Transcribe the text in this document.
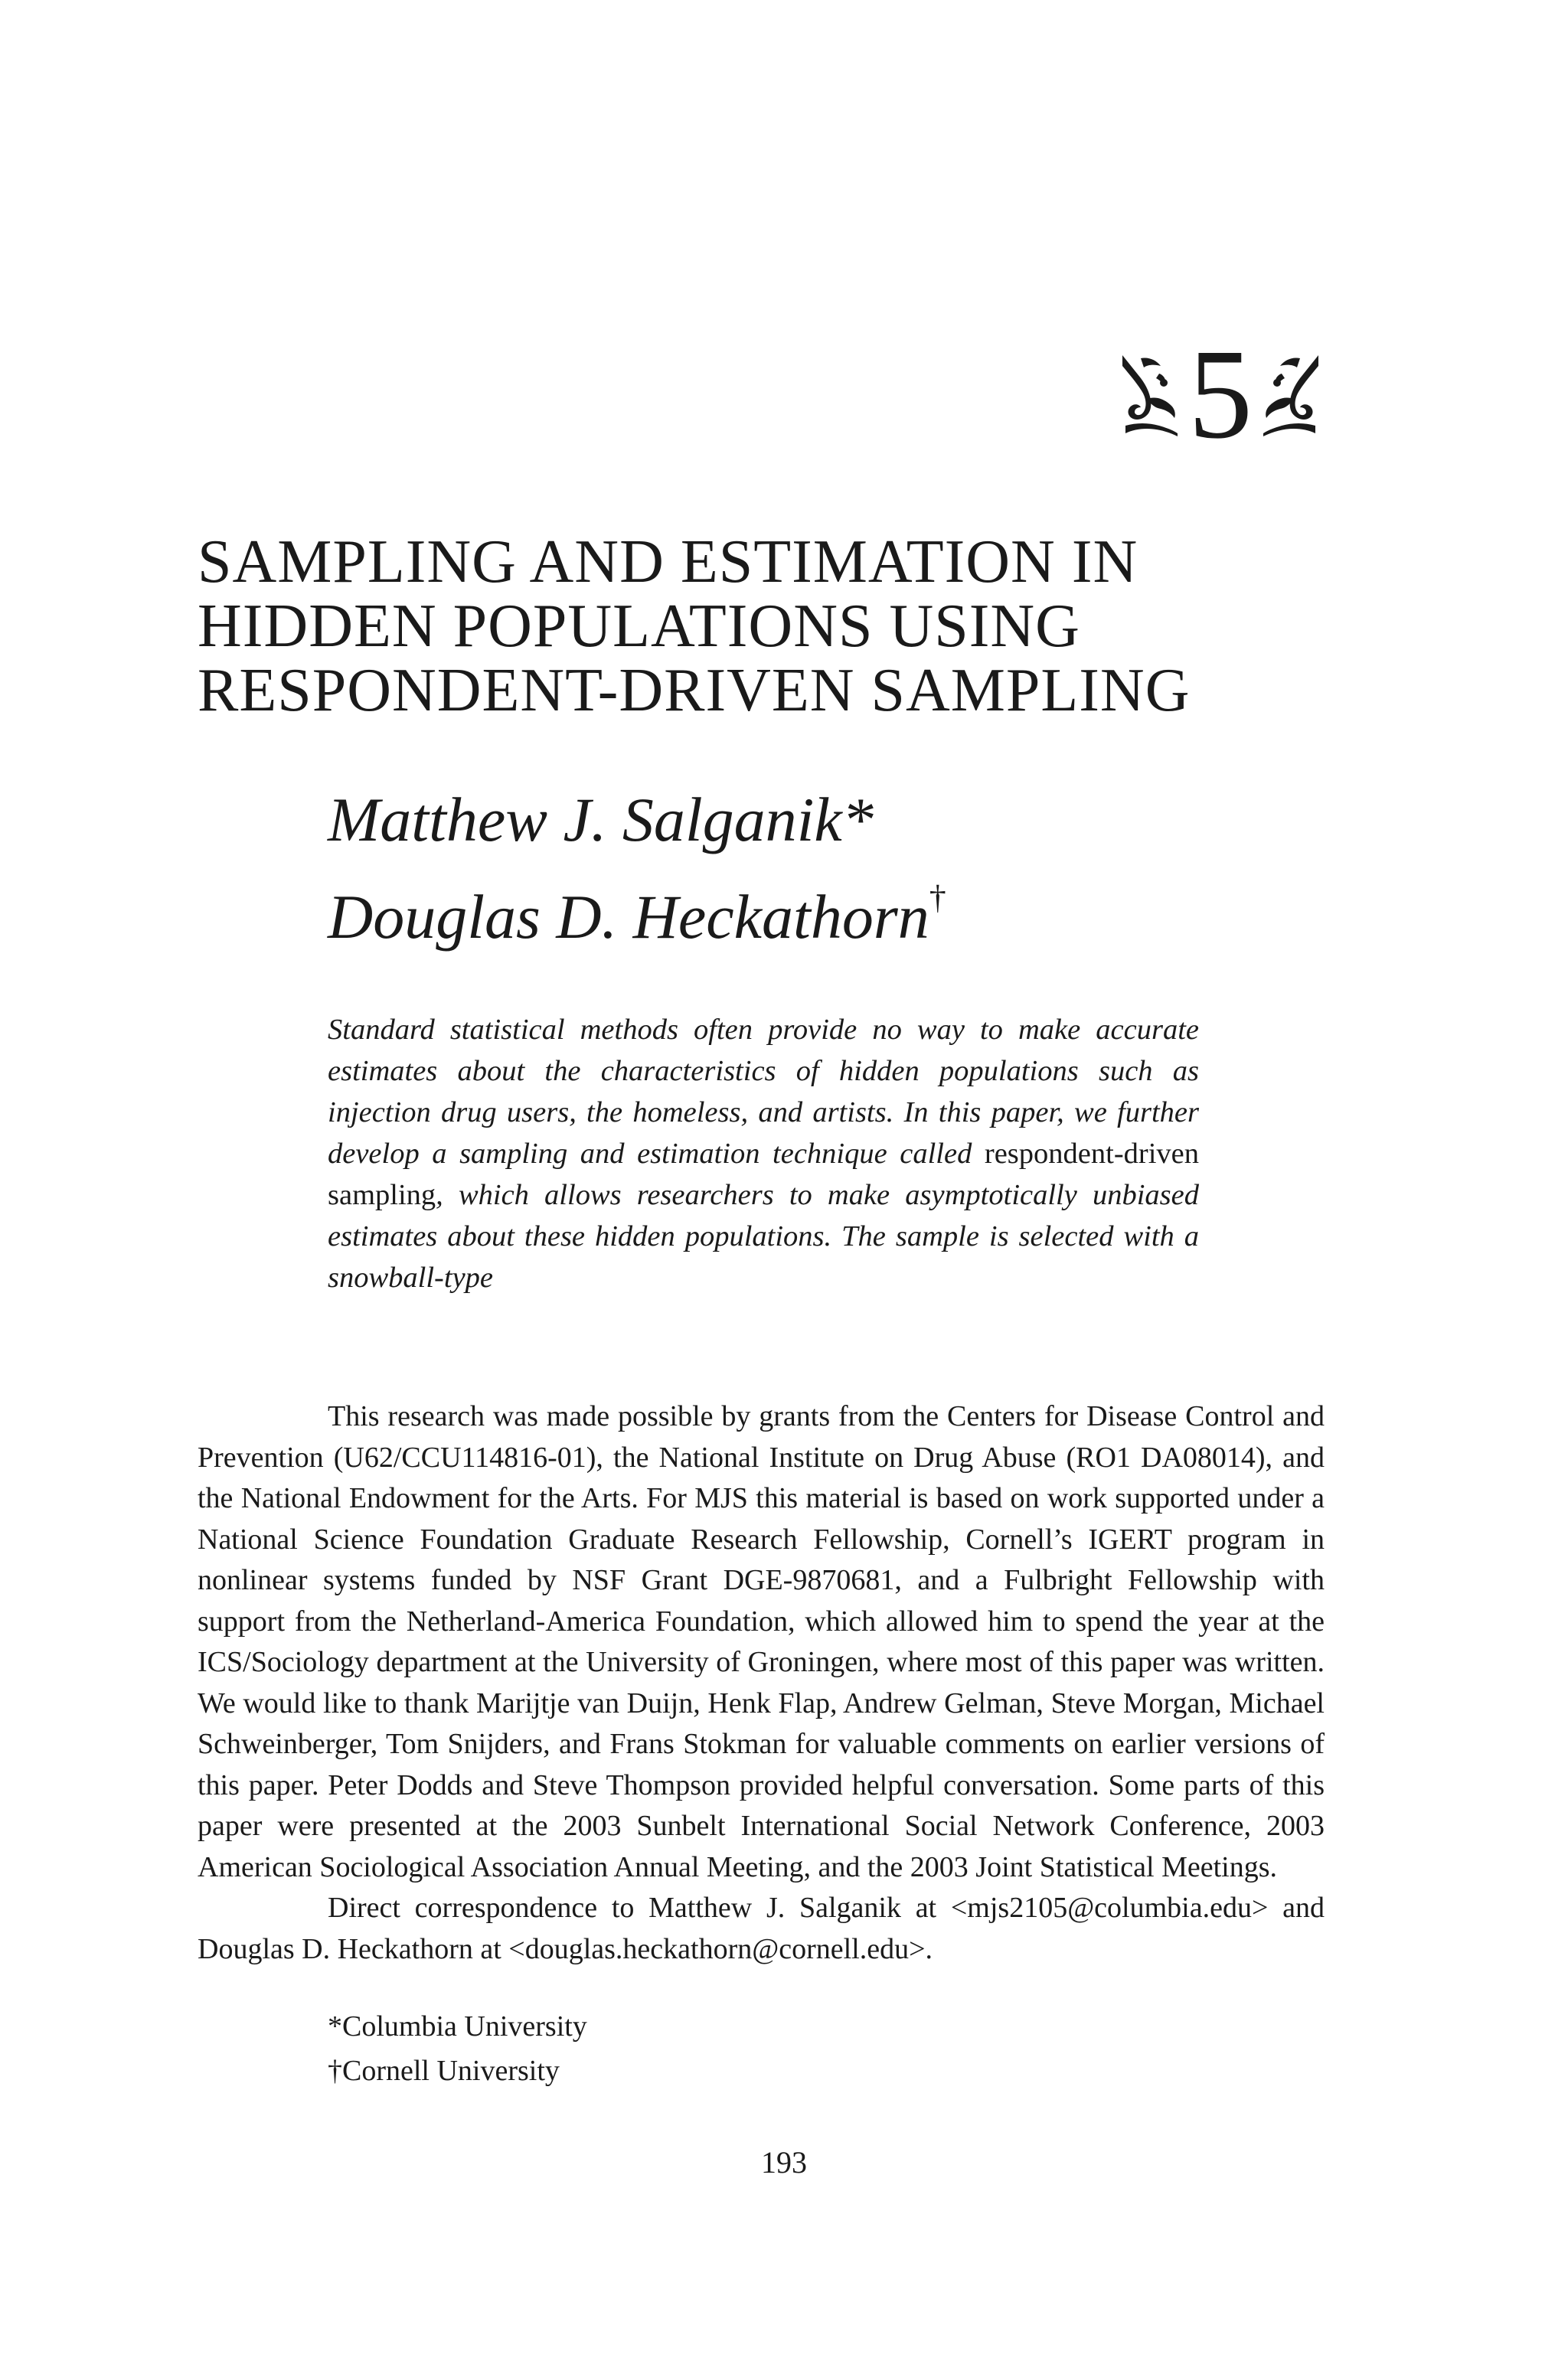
5
SAMPLING AND ESTIMATION IN
HIDDEN POPULATIONS USING
RESPONDENT-DRIVEN SAMPLING
Matthew J. Salganik*
Douglas D. Heckathorn†
Standard statistical methods often provide no way to make accurate estimates about the characteristics of hidden populations such as injection drug users, the homeless, and artists. In this paper, we further develop a sampling and estimation technique called respondent-driven sampling, which allows researchers to make asymptotically unbiased estimates about these hidden populations. The sample is selected with a snowball-type

This research was made possible by grants from the Centers for Disease Control and Prevention (U62/CCU114816-01), the National Institute on Drug Abuse (RO1 DA08014), and the National Endowment for the Arts. For MJS this material is based on work supported under a National Science Foundation Graduate Research Fellowship, Cornell’s IGERT program in nonlinear systems funded by NSF Grant DGE-9870681, and a Fulbright Fellowship with support from the Netherland-America Foundation, which allowed him to spend the year at the ICS/Sociology department at the University of Groningen, where most of this paper was written. We would like to thank Marijtje van Duijn, Henk Flap, Andrew Gelman, Steve Morgan, Michael Schweinberger, Tom Snijders, and Frans Stokman for valuable comments on earlier versions of this paper. Peter Dodds and Steve Thompson provided helpful conversation. Some parts of this paper were presented at the 2003 Sunbelt International Social Network Conference, 2003 American Sociological Association Annual Meeting, and the 2003 Joint Statistical Meetings.

Direct correspondence to Matthew J. Salganik at <mjs2105@columbia.edu> and Douglas D. Heckathorn at <douglas.heckathorn@cornell.edu>.

*Columbia University
†Cornell University
193
